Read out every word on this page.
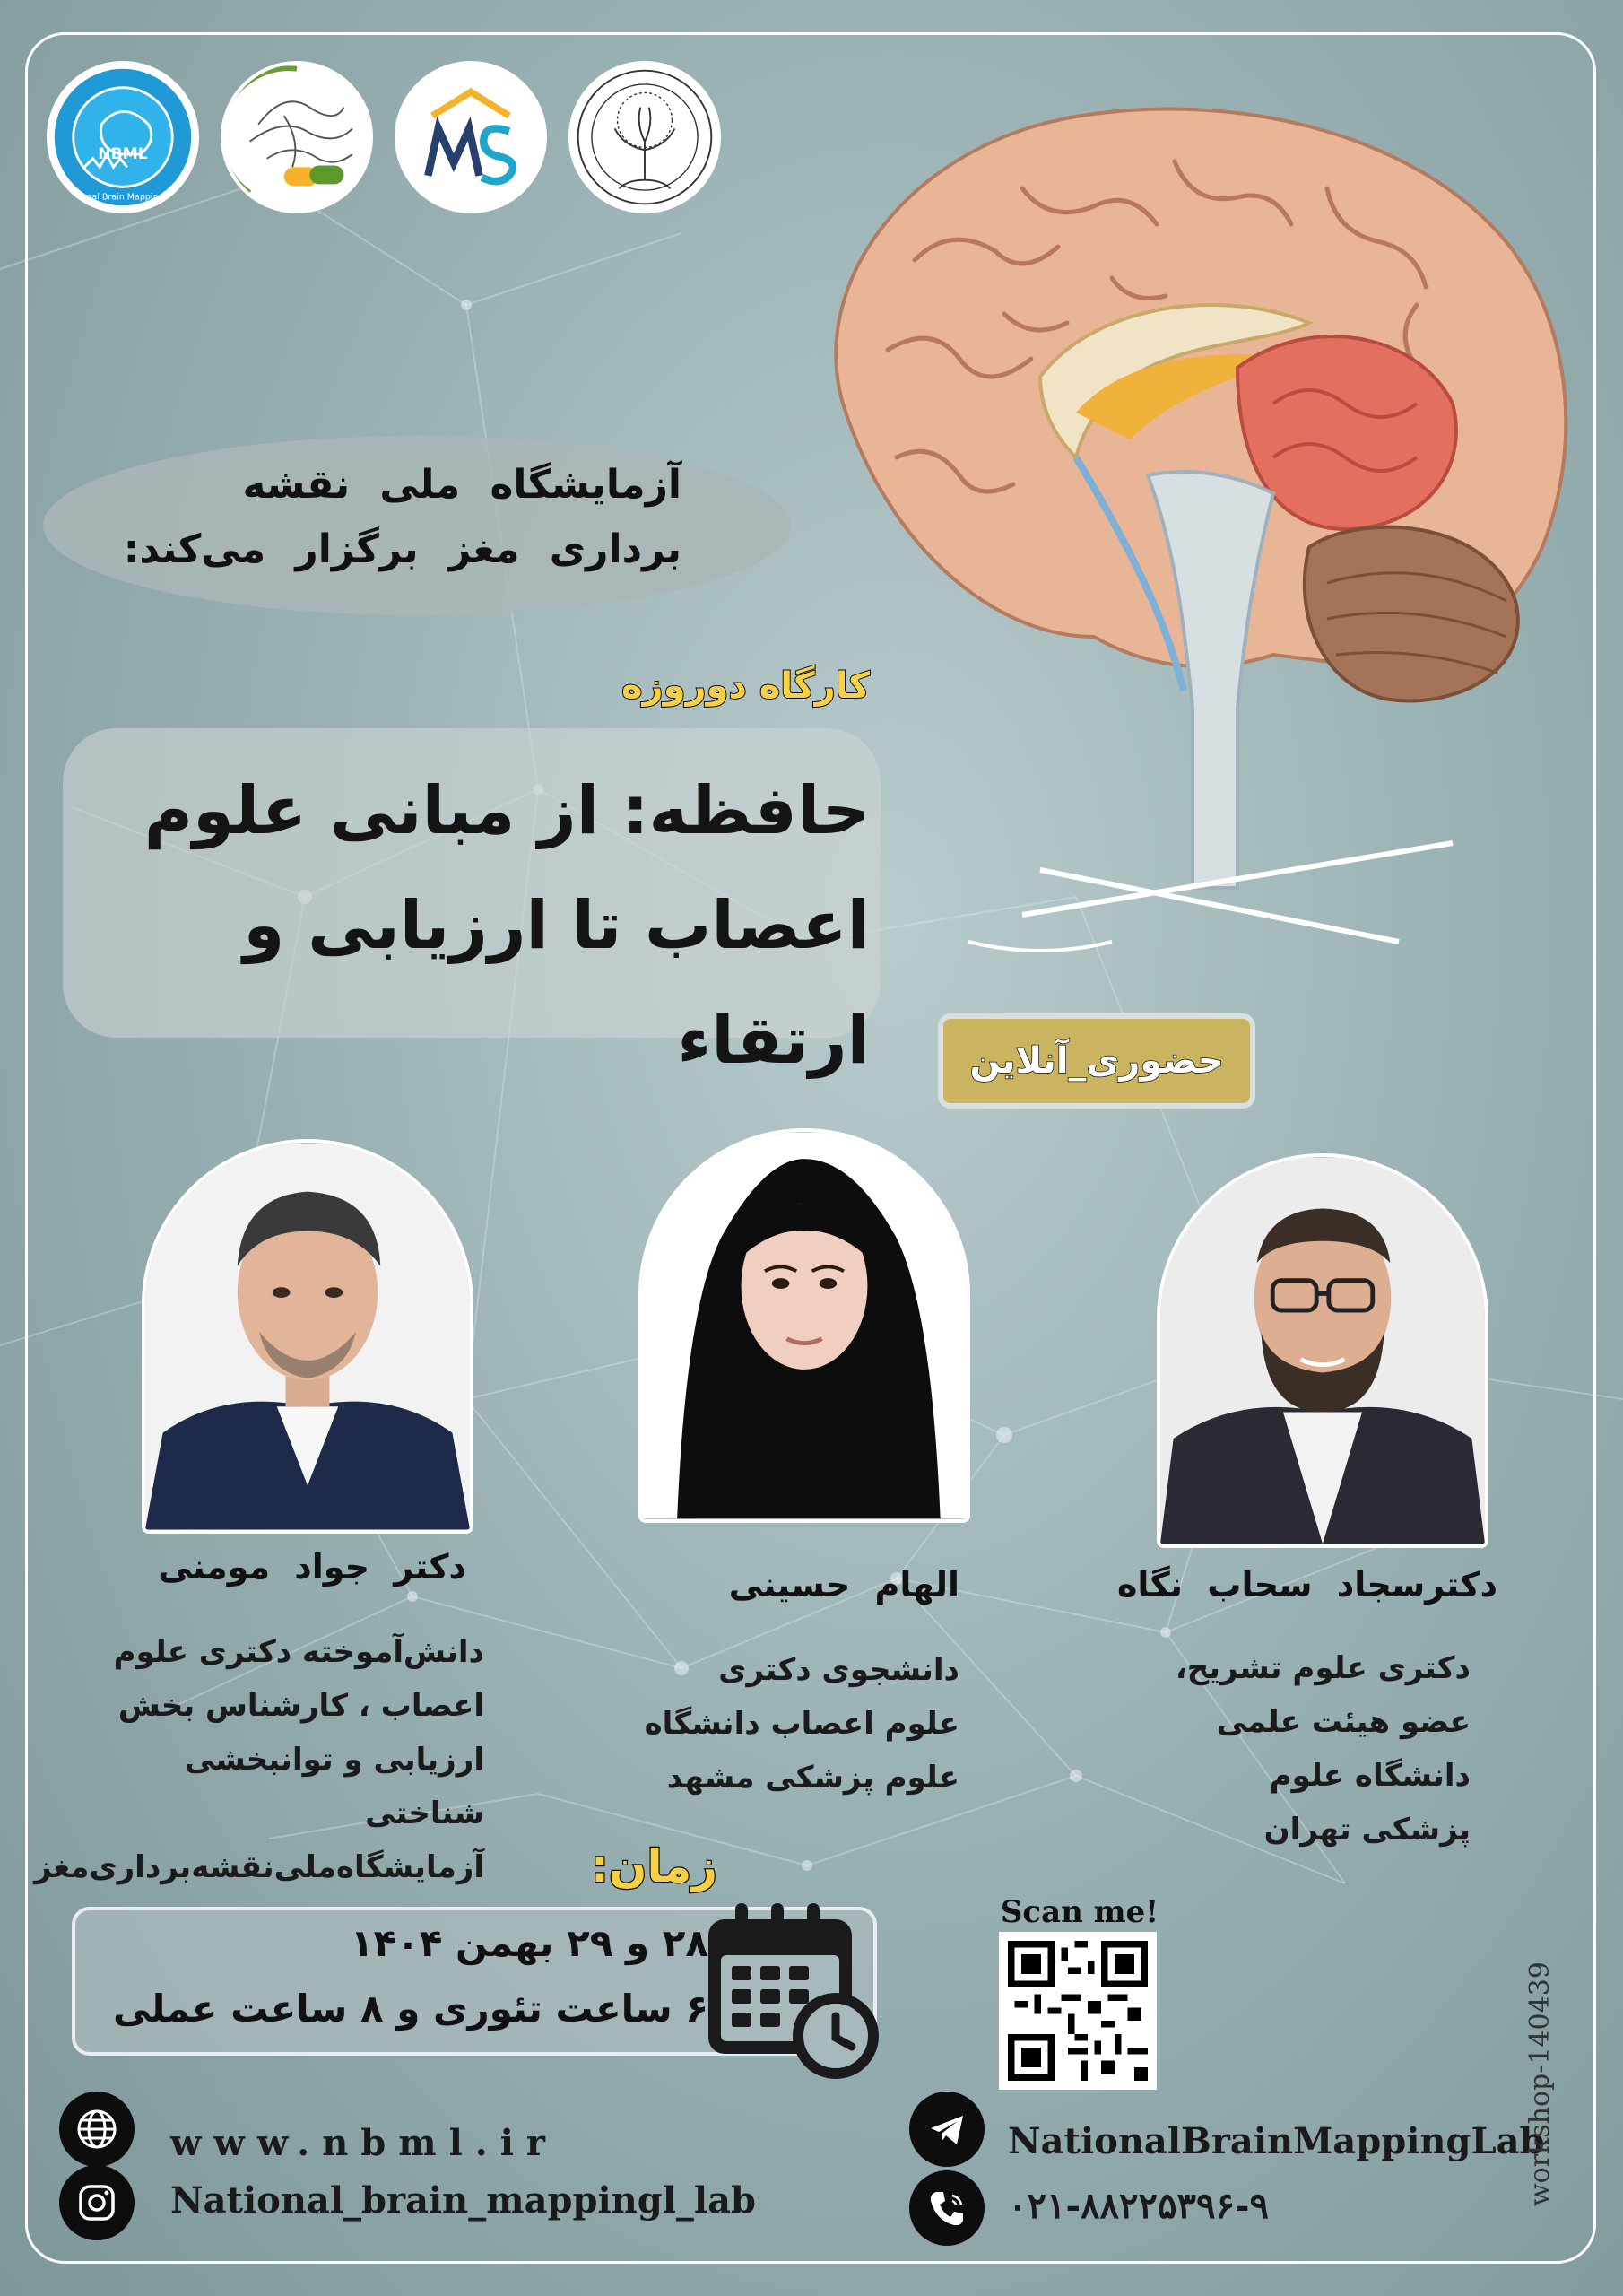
NBML
National Brain Mapping Lab
آزمایشگاه ملی نقشه برداری مغز برگزار می‌کند:
کارگاه دوروزه
حافظه: از مبانی علوم
اعصاب تا ارزیابی و ارتقاء	حضوری_آنلاین
دکتر جواد مومنی	الهام حسینی	دکترسجاد سحاب نگاه
دانش‌آموخته دکتری علوم
اعصاب ، کارشناس بخش
ارزیابی و توانبخشی شناختی
آزمایشگاه‌ملی‌نقشه‌برداری‌مغز
دانشجوی دکتری
علوم اعصاب دانشگاه
علوم پزشکی مشهد
دکتری علوم تشریح،
عضو هیئت علمی
دانشگاه علوم
پزشکی تهران
زمان:
۲۸ و ۲۹ بهمن ۱۴۰۴
۶ ساعت تئوری و ۸ ساعت عملی
Scan me!
www.nbml.ir
National_brain_mappingl_lab
NationalBrainMappingLab
۰۲۱-۸۸۲۲۵۳۹۶-۹	workshop-140439
